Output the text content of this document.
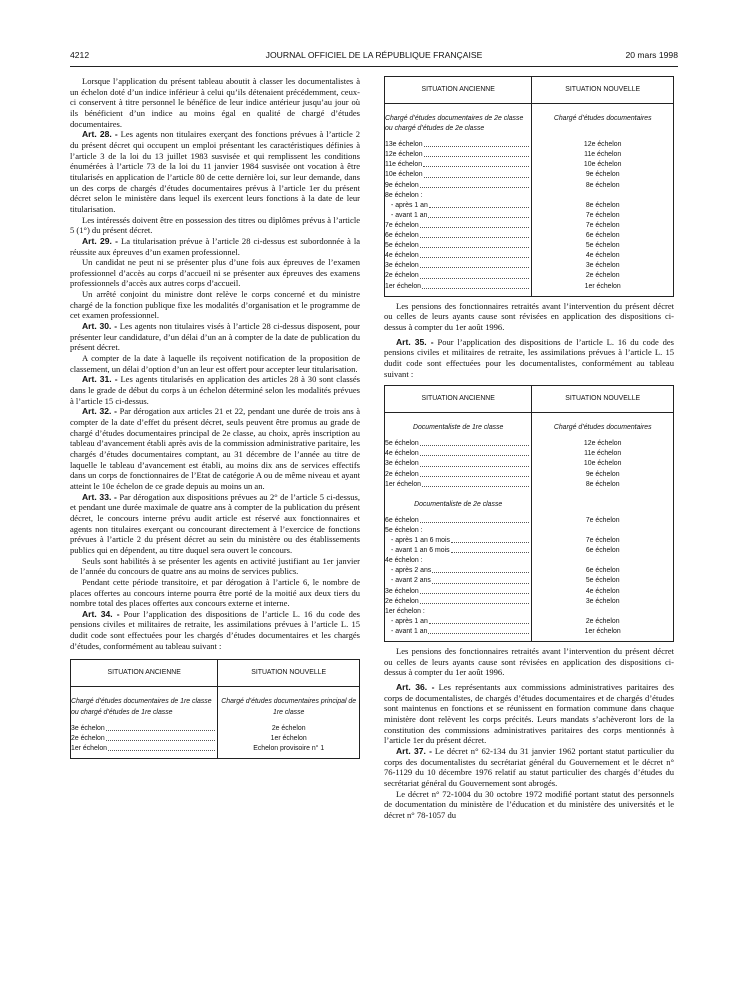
4212	JOURNAL OFFICIEL DE LA RÉPUBLIQUE FRANÇAISE	20 mars 1998

Lorsque l’application du présent tableau aboutit à classer les documentalistes à un échelon doté d’un indice inférieur à celui qu’ils détenaient précédemment, ceux-ci conservent à titre personnel le bénéfice de leur indice antérieur jusqu’au jour où ils bénéficient d’un indice au moins égal en qualité de chargé d’études documentaires.

Art. 28. - Les agents non titulaires exerçant des fonctions prévues à l’article 2 du présent décret qui occupent un emploi présentant les caractéristiques définies à l’article 3 de la loi du 13 juillet 1983 susvisée et qui remplissent les conditions énumérées à l’article 73 de la loi du 11 janvier 1984 susvisée ont vocation à être titularisés en application de l’article 80 de cette dernière loi, sur leur demande, dans un des corps de chargés d’études documentaires prévus à l’article 1er du présent décret selon le ministère dans lequel ils exercent leurs fonctions à la date de leur titularisation.

Les intéressés doivent être en possession des titres ou diplômes prévus à l’article 5 (1°) du présent décret.

Art. 29. - La titularisation prévue à l’article 28 ci-dessus est subordonnée à la réussite aux épreuves d’un examen professionnel.

Un candidat ne peut ni se présenter plus d’une fois aux épreuves de l’examen professionnel d’accès au corps d’accueil ni se présenter aux épreuves des examens professionnels d’accès aux autres corps d’accueil.

Un arrêté conjoint du ministre dont relève le corps concerné et du ministre chargé de la fonction publique fixe les modalités d’organisation et le programme de cet examen professionnel.

Art. 30. - Les agents non titulaires visés à l’article 28 ci-dessus disposent, pour présenter leur candidature, d’un délai d’un an à compter de la date de publication du présent décret.

A compter de la date à laquelle ils reçoivent notification de la proposition de classement, un délai d’option d’un an leur est offert pour accepter leur titularisation.

Art. 31. - Les agents titularisés en application des articles 28 à 30 sont classés dans le grade de début du corps à un échelon déterminé selon les modalités prévues à l’article 15 ci-dessus.

Art. 32. - Par dérogation aux articles 21 et 22, pendant une durée de trois ans à compter de la date d’effet du présent décret, seuls peuvent être promus au grade de chargé d’études documentaires principal de 2e classe, au choix, après inscription au tableau d’avancement établi après avis de la commission administrative paritaire, les chargés d’études documentaires comptant, au 31 décembre de l’année au titre de laquelle le tableau d’avancement est établi, au moins dix ans de services effectifs dans un corps de fonctionnaires de l’Etat de catégorie A ou de même niveau et ayant atteint le 10e échelon de ce grade depuis au moins un an.

Art. 33. - Par dérogation aux dispositions prévues au 2° de l’article 5 ci-dessus, et pendant une durée maximale de quatre ans à compter de la publication du présent décret, le concours interne prévu audit article est réservé aux fonctionnaires et agents non titulaires exerçant ou concourant directement à l’exercice de fonctions prévues à l’article 2 du présent décret au sein du ministère ou des établissements publics qui en dépendent, au titre duquel sera ouvert le concours.

Seuls sont habilités à se présenter les agents en activité justifiant au 1er janvier de l’année du concours de quatre ans au moins de services publics.

Pendant cette période transitoire, et par dérogation à l’article 6, le nombre de places offertes au concours interne pourra être porté de la moitié aux deux tiers du nombre total des places offertes aux concours externe et interne.

Art. 34. - Pour l’application des dispositions de l’article L. 16 du code des pensions civiles et militaires de retraite, les assimilations prévues à l’article L. 15 dudit code sont effectuées pour les chargés d’études documentaires et les chargés d’études, conformément au tableau suivant :

SITUATION ANCIENNE	SITUATION NOUVELLE
Chargé d’études documentaires de 1re classe ou chargé d’études de 1re classe	Chargé d’études documentaires principal de 1re classe

3e échelon	2e échelon

2e échelon	1er échelon

1er échelon	Echelon provisoire n° 1

SITUATION ANCIENNE	SITUATION NOUVELLE
Chargé d’études documentaires de 2e classe ou chargé d’études de 2e classe	Chargé d’études documentaires

13e échelon	12e échelon

12e échelon	11e échelon

11e échelon	10e échelon

10e échelon	9e échelon

9e échelon	8e échelon

8e échelon :	

- après 1 an	8e échelon

- avant 1 an	7e échelon

7e échelon	7e échelon

6e échelon	6e échelon

5e échelon	5e échelon

4e échelon	4e échelon

3e échelon	3e échelon

2e échelon	2e échelon

1er échelon	1er échelon

Les pensions des fonctionnaires retraités avant l’intervention du présent décret ou celles de leurs ayants cause sont révisées en application des dispositions ci-dessus à compter du 1er août 1996.

Art. 35. - Pour l’application des dispositions de l’article L. 16 du code des pensions civiles et militaires de retraite, les assimilations prévues à l’article L. 15 dudit code sont effectuées pour les documentalistes, conformément au tableau suivant :

SITUATION ANCIENNE	SITUATION NOUVELLE
Documentaliste de 1re classe	Chargé d’études documentaires

5e échelon	12e échelon

4e échelon	11e échelon

3e échelon	10e échelon

2e échelon	9e échelon

1er échelon	8e échelon
Documentaliste de 2e classe	

6e échelon	7e échelon

5e échelon :	

- après 1 an 6 mois	7e échelon

- avant 1 an 6 mois	6e échelon

4e échelon :	

- après 2 ans	6e échelon

- avant 2 ans	5e échelon

3e échelon	4e échelon

2e échelon	3e échelon

1er échelon :	

- après 1 an	2e échelon

- avant 1 an	1er échelon

Les pensions des fonctionnaires retraités avant l’intervention du présent décret ou celles de leurs ayants cause sont révisées en application des dispositions ci-dessus à compter du 1er août 1996.

Art. 36. - Les représentants aux commissions administratives paritaires des corps de documentalistes, de chargés d’études documentaires et de chargés d’études sont maintenus en fonctions et se réunissent en formation commune dans chaque ministère dont relèvent les corps précités. Leurs mandats s’achèveront lors de la constitution des commissions administratives paritaires des corps mentionnés à l’article 1er du présent décret.

Art. 37. - Le décret n° 62-134 du 31 janvier 1962 portant statut particulier du corps des documentalistes du secrétariat général du Gouvernement et le décret n° 76-1129 du 10 décembre 1976 relatif au statut particulier des chargés d’études du secrétariat général du Gouvernement sont abrogés.

Le décret n° 72-1004 du 30 octobre 1972 modifié portant statut des personnels de documentation du ministère de l’éducation et du ministère des universités et le décret n° 78-1057 du
